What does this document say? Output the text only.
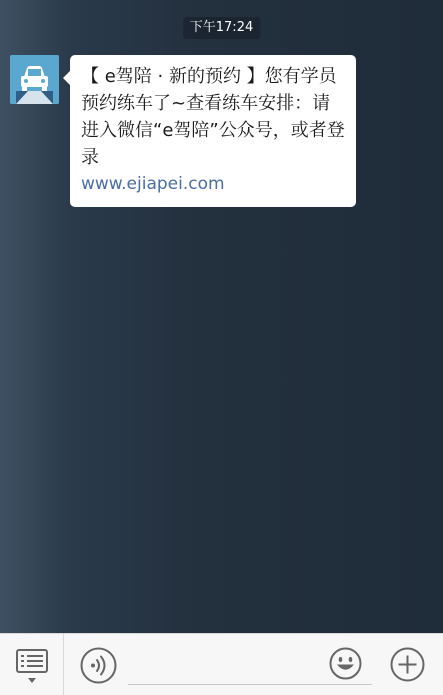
下午17:24
【 e驾陪 · 新的预约 】您有学员预约练车了~查看练车安排：请进入微信“e驾陪”公众号，或者登录
www.ejiapei.com
